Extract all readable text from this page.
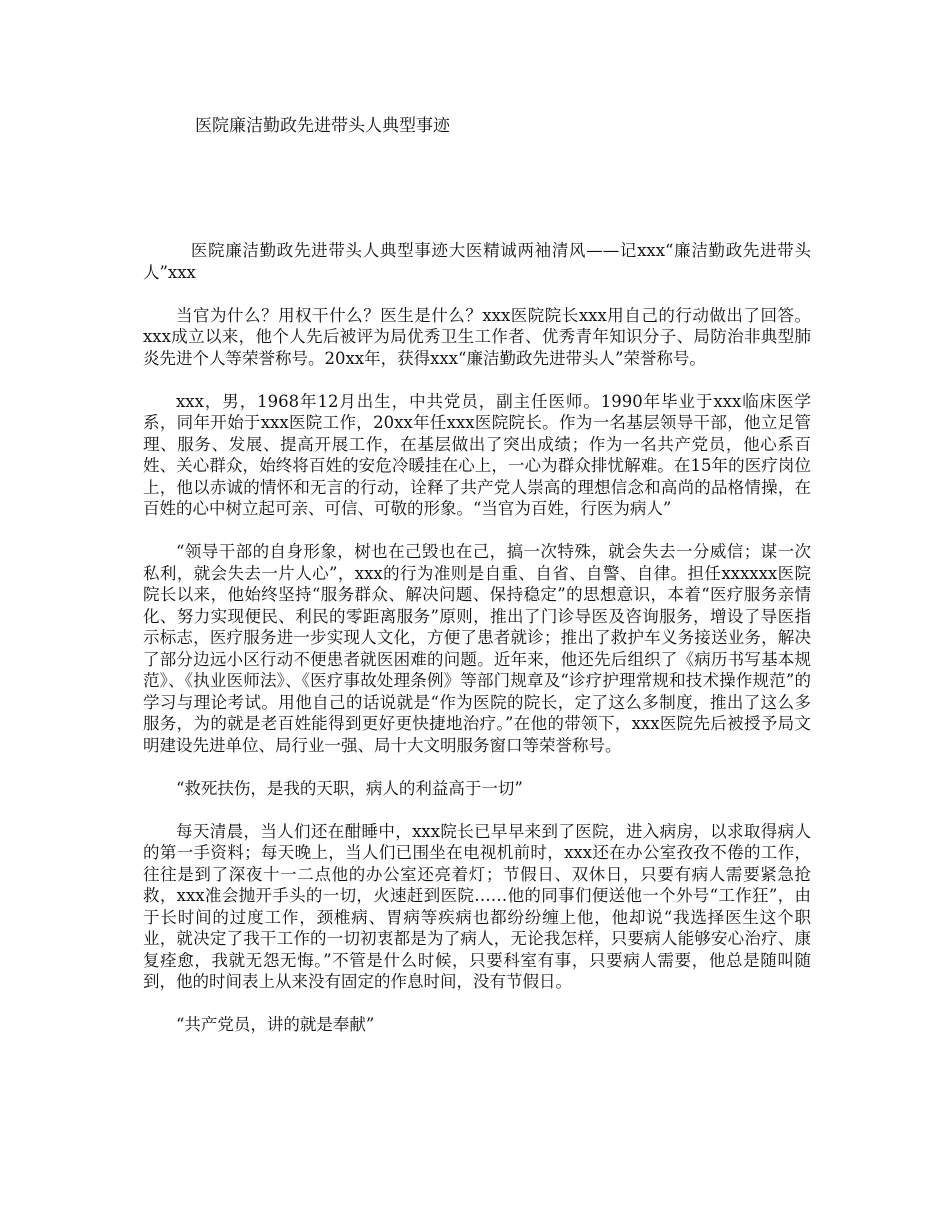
医院廉洁勤政先进带头人典型事迹

医院廉洁勤政先进带头人典型事迹大医精诚两袖清风——记xxx“廉洁勤政先进带头人”xxx

当官为什么？用权干什么？医生是什么？xxx医院院长xxx用自己的行动做出了回答。xxx成立以来，他个人先后被评为局优秀卫生工作者、优秀青年知识分子、局防治非典型肺炎先进个人等荣誉称号。20xx年，获得xxx“廉洁勤政先进带头人”荣誉称号。

xxx，男，1968年12月出生，中共党员，副主任医师。1990年毕业于xxx临床医学系，同年开始于xxx医院工作，20xx年任xxx医院院长。作为一名基层领导干部，他立足管理、服务、发展、提高开展工作，在基层做出了突出成绩；作为一名共产党员，他心系百姓、关心群众，始终将百姓的安危冷暖挂在心上，一心为群众排忧解难。在15年的医疗岗位上，他以赤诚的情怀和无言的行动，诠释了共产党人崇高的理想信念和高尚的品格情操，在百姓的心中树立起可亲、可信、可敬的形象。“当官为百姓，行医为病人”

“领导干部的自身形象，树也在己毁也在己，搞一次特殊，就会失去一分威信；谋一次私利，就会失去一片人心”，xxx的行为准则是自重、自省、自警、自律。担任xxxxxx医院院长以来，他始终坚持“服务群众、解决问题、保持稳定”的思想意识，本着“医疗服务亲情化、努力实现便民、利民的零距离服务”原则，推出了门诊导医及咨询服务，增设了导医指示标志，医疗服务进一步实现人文化，方便了患者就诊；推出了救护车义务接送业务，解决了部分边远小区行动不便患者就医困难的问题。近年来，他还先后组织了《病历书写基本规范》、《执业医师法》、《医疗事故处理条例》等部门规章及“诊疗护理常规和技术操作规范”的学习与理论考试。用他自己的话说就是“作为医院的院长，定了这么多制度，推出了这么多服务，为的就是老百姓能得到更好更快捷地治疗。”在他的带领下，xxx医院先后被授予局文明建设先进单位、局行业一强、局十大文明服务窗口等荣誉称号。

“救死扶伤，是我的天职，病人的利益高于一切”

每天清晨，当人们还在酣睡中，xxx院长已早早来到了医院，进入病房，以求取得病人的第一手资料；每天晚上，当人们已围坐在电视机前时，xxx还在办公室孜孜不倦的工作，往往是到了深夜十一二点他的办公室还亮着灯；节假日、双休日，只要有病人需要紧急抢救，xxx准会抛开手头的一切，火速赶到医院……他的同事们便送他一个外号“工作狂”，由于长时间的过度工作，颈椎病、胃病等疾病也都纷纷缠上他，他却说“我选择医生这个职业，就决定了我干工作的一切初衷都是为了病人，无论我怎样，只要病人能够安心治疗、康复痊愈，我就无怨无悔。”不管是什么时候，只要科室有事，只要病人需要，他总是随叫随到，他的时间表上从来没有固定的作息时间，没有节假日。

“共产党员，讲的就是奉献”
